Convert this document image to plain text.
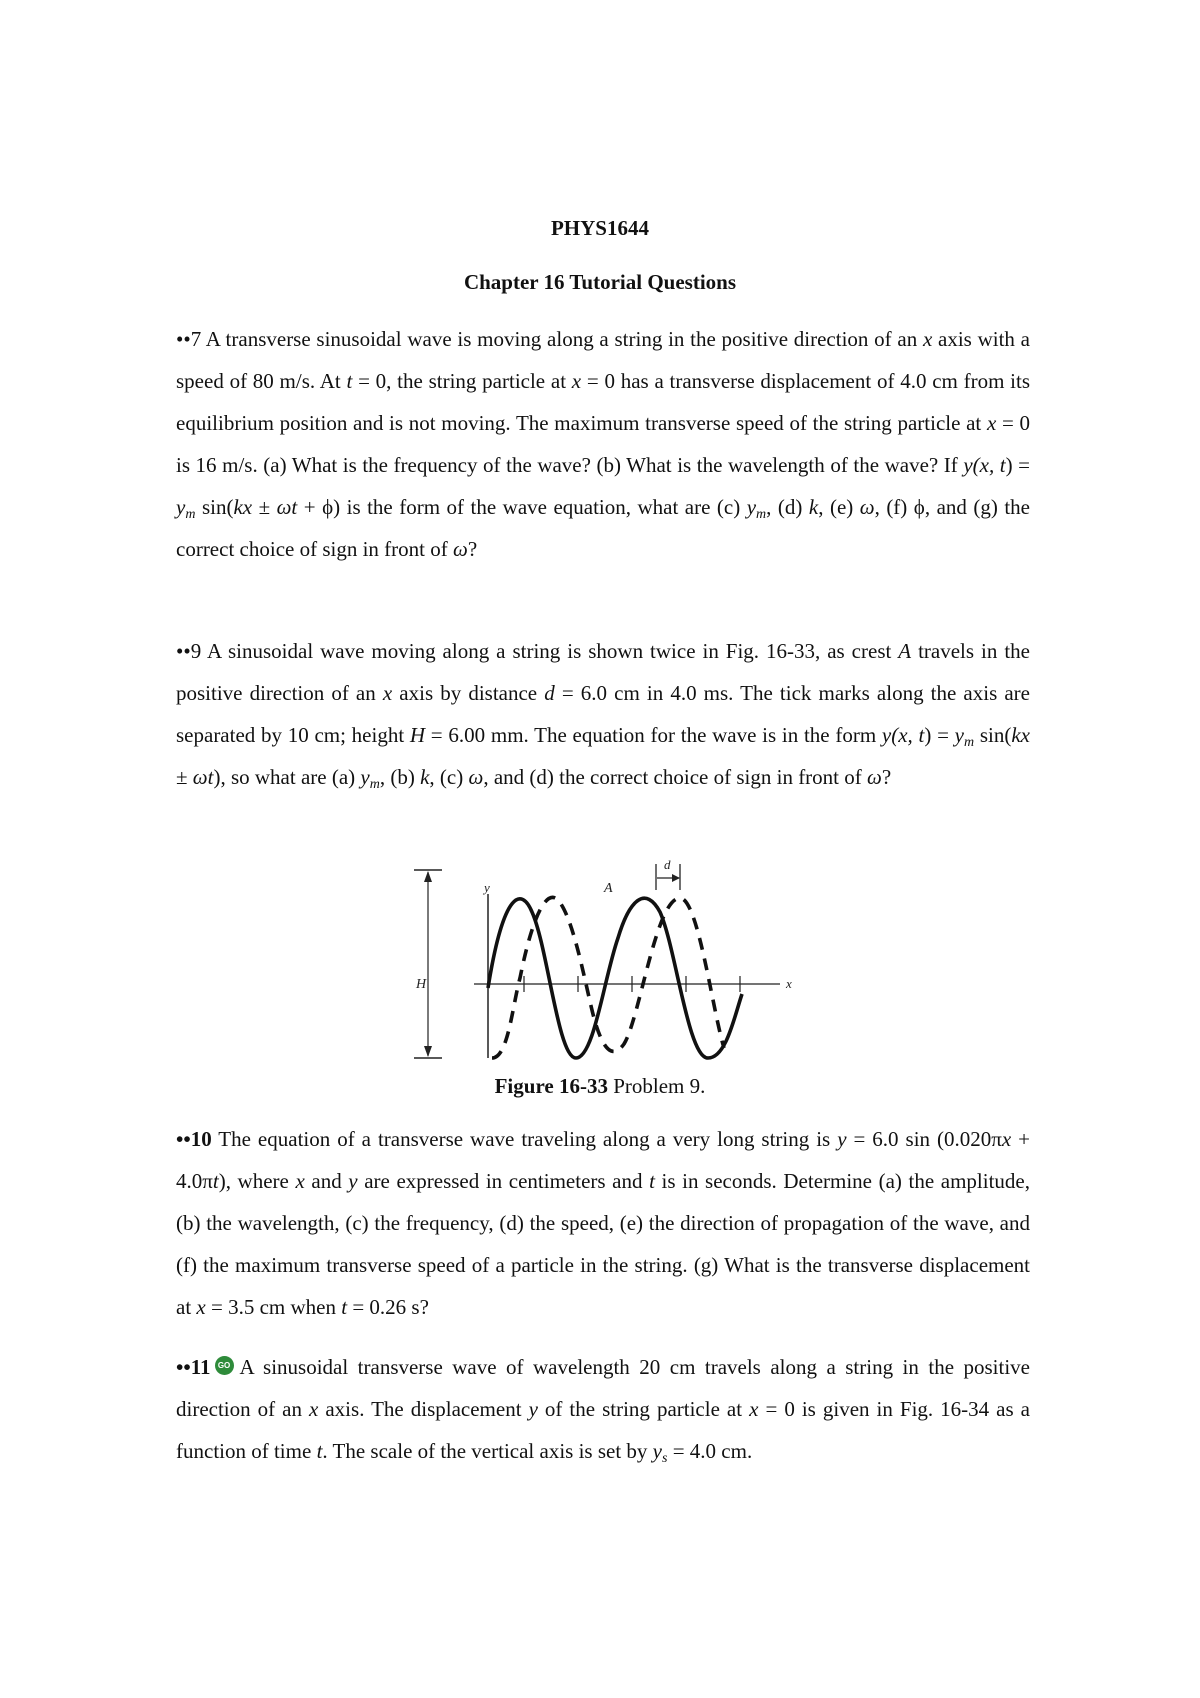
PHYS1644
Chapter 16 Tutorial Questions
••7 A transverse sinusoidal wave is moving along a string in the positive direction of an x axis with a speed of 80 m/s. At t = 0, the string particle at x = 0 has a transverse displacement of 4.0 cm from its equilibrium position and is not moving. The maximum transverse speed of the string particle at x = 0 is 16 m/s. (a) What is the frequency of the wave? (b) What is the wavelength of the wave? If y(x, $t) = y_m$ sin(kx ± ωt + ϕ) is the form of the wave equation, what are (c) $y_m$, (d) k, (e) ω, (f) ϕ, and (g) the correct choice of sign in front of ω?
••9 A sinusoidal wave moving along a string is shown twice in Fig. 16-33, as crest A travels in the positive direction of an x axis by distance d = 6.0 cm in 4.0 ms. The tick marks along the axis are separated by 10 cm; height H = 6.00 mm. The equation for the wave is in the form y(x, $t) = y_m$ sin(kx ± ωt), so what are (a) $y_m$, (b) k, (c) ω, and (d) the correct choice of sign in front of ω?
H
y
x
A
d
Figure 16-33 Problem 9.
••10 The equation of a transverse wave traveling along a very long string is y = 6.0 sin (0.020πx + 4.0πt), where x and y are expressed in centimeters and t is in seconds. Determine (a) the amplitude, (b) the wavelength, (c) the frequency, (d) the speed, (e) the direction of propagation of the wave, and (f) the maximum transverse speed of a particle in the string. (g) What is the transverse displacement at x = 3.5 cm when t = 0.26 s?
••11 GO A sinusoidal transverse wave of wavelength 20 cm travels along a string in the positive direction of an x axis. The displacement y of the string particle at x = 0 is given in Fig. 16-34 as a function of time t. The scale of the vertical axis is set by $y_s = 4.0$ cm.
